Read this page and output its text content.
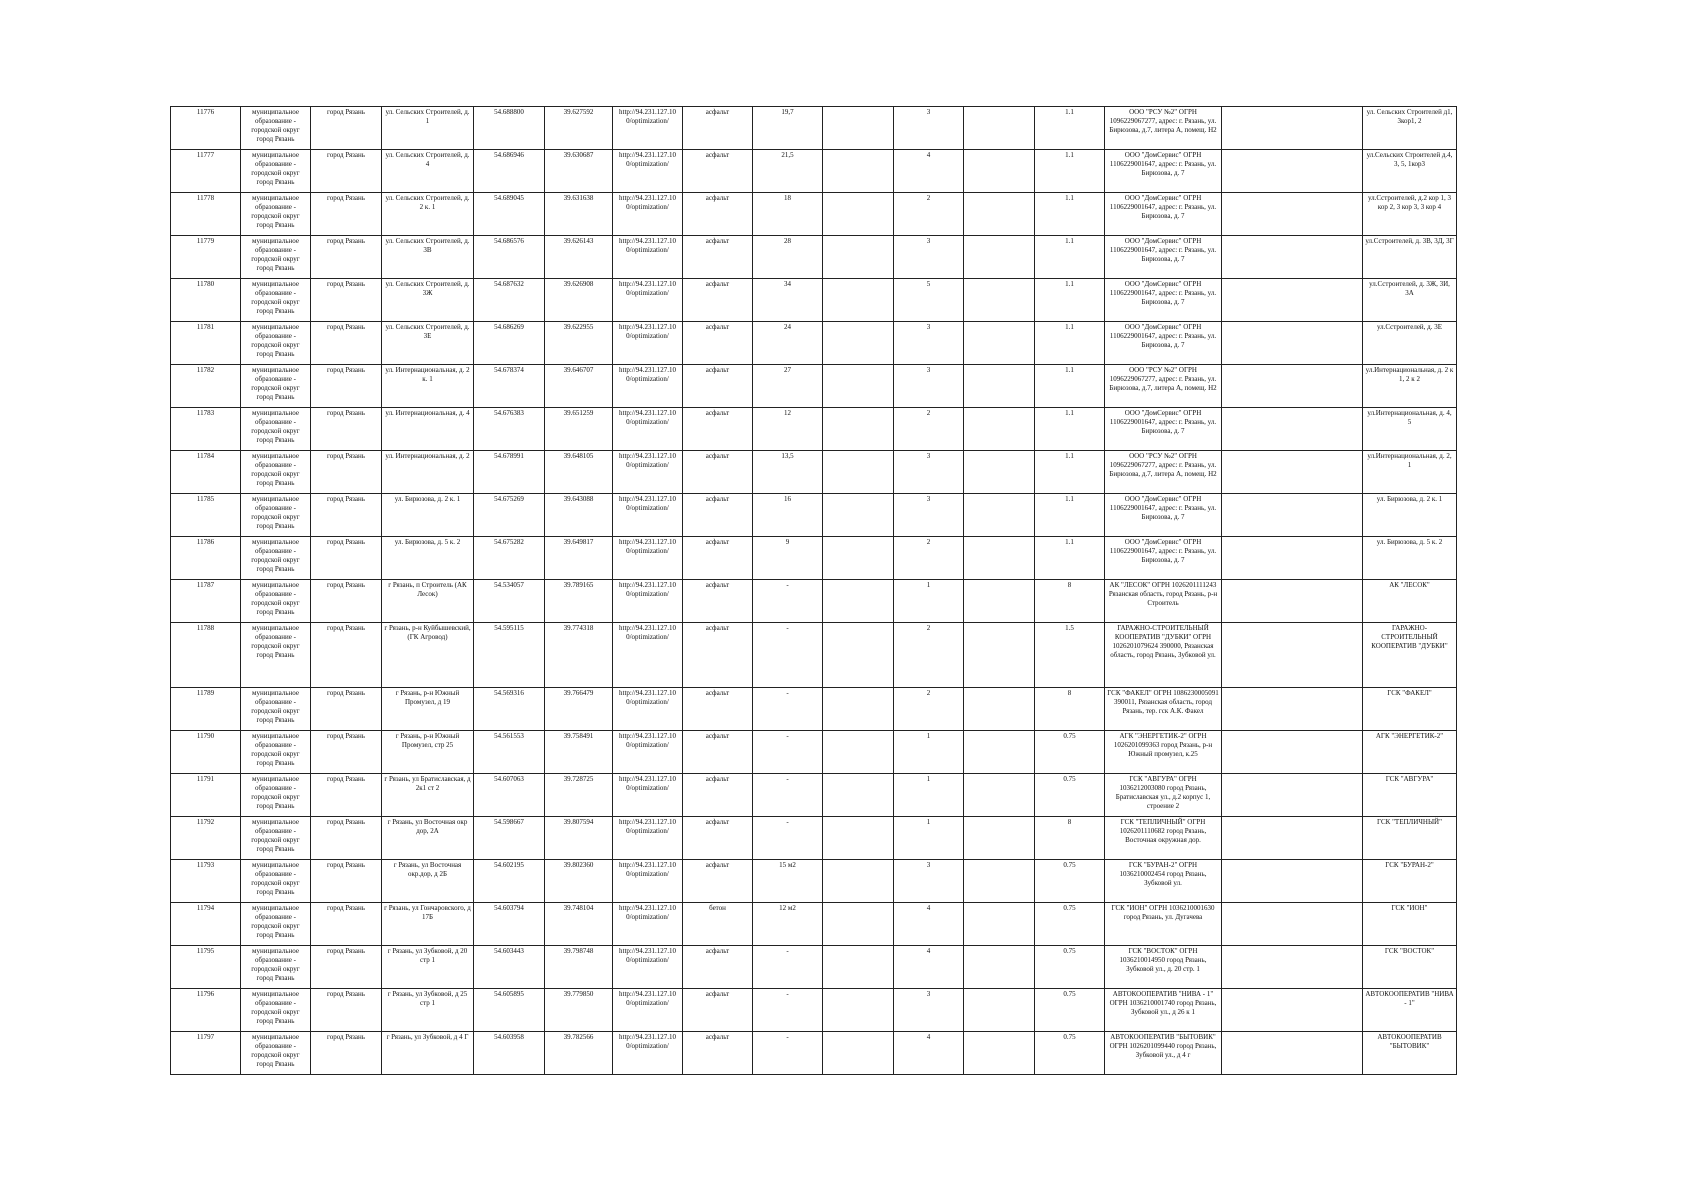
11776	муниципальное образование - городской округ город Рязань	город Рязань	ул. Сельских Строителей, д. 1	54.688800	39.627592	http://94.231.127.10 0/optimization/	асфальт	19,7		3		1.1	ООО "РСУ №2" ОГРН 1096229067277, адрес: г. Рязань, ул. Бирюзова, д.7, литера А, помещ. Н2		ул. Сельских Строителей д1, 3кор1, 2
11777	муниципальное образование - городской округ город Рязань	город Рязань	ул. Сельских Строителей, д. 4	54.686946	39.630687	http://94.231.127.10 0/optimization/	асфальт	21,5		4		1.1	ООО "ДомСервис" ОГРН 1106229001647, адрес: г. Рязань, ул. Бирюзова, д. 7		ул.Сельских Строителей д.4, 3, 5, 1кор3
11778	муниципальное образование - городской округ город Рязань	город Рязань	ул. Сельских Строителей, д. 2 к. 1	54.689045	39.631638	http://94.231.127.10 0/optimization/	асфальт	18		2		1.1	ООО "ДомСервис" ОГРН 1106229001647, адрес: г. Рязань, ул. Бирюзова, д. 7		ул.Сстроителей, д.2 кор 1, 3 кор 2, 3 кор 3, 3 кор 4
11779	муниципальное образование - городской округ город Рязань	город Рязань	ул. Сельских Строителей, д. 3В	54.686576	39.626143	http://94.231.127.10 0/optimization/	асфальт	28		3		1.1	ООО "ДомСервис" ОГРН 1106229001647, адрес: г. Рязань, ул. Бирюзова, д. 7		ул.Сстроителей, д. 3В, 3Д, 3Г
11780	муниципальное образование - городской округ город Рязань	город Рязань	ул. Сельских Строителей, д. 3Ж	54.687632	39.626908	http://94.231.127.10 0/optimization/	асфальт	34		5		1.1	ООО "ДомСервис" ОГРН 1106229001647, адрес: г. Рязань, ул. Бирюзова, д. 7		ул.Сстроителей, д. 3Ж, 3И, 3А
11781	муниципальное образование - городской округ город Рязань	город Рязань	ул. Сельских Строителей, д. 3Е	54.686269	39.622955	http://94.231.127.10 0/optimization/	асфальт	24		3		1.1	ООО "ДомСервис" ОГРН 1106229001647, адрес: г. Рязань, ул. Бирюзова, д. 7		ул.Сстроителей, д. 3Е
11782	муниципальное образование - городской округ город Рязань	город Рязань	ул. Интернациональная, д. 2 к. 1	54.678374	39.646707	http://94.231.127.10 0/optimization/	асфальт	27		3		1.1	ООО "РСУ №2" ОГРН 1096229067277, адрес: г. Рязань, ул. Бирюзова, д.7, литера А, помещ. Н2		ул.Интернациональная, д. 2 к 1, 2 к 2
11783	муниципальное образование - городской округ город Рязань	город Рязань	ул. Интернациональная, д. 4	54.676383	39.651259	http://94.231.127.10 0/optimization/	асфальт	12		2		1.1	ООО "ДомСервис" ОГРН 1106229001647, адрес: г. Рязань, ул. Бирюзова, д. 7		ул.Интернациональная, д. 4, 5
11784	муниципальное образование - городской округ город Рязань	город Рязань	ул. Интернациональная, д. 2	54.678991	39.648105	http://94.231.127.10 0/optimization/	асфальт	13,5		3		1.1	ООО "РСУ №2" ОГРН 1096229067277, адрес: г. Рязань, ул. Бирюзова, д.7, литера А, помещ. Н2		ул.Интернациональная, д. 2, 1
11785	муниципальное образование - городской округ город Рязань	город Рязань	ул. Бирюзова, д. 2 к. 1	54.675269	39.643088	http://94.231.127.10 0/optimization/	асфальт	16		3		1.1	ООО "ДомСервис" ОГРН 1106229001647, адрес: г. Рязань, ул. Бирюзова, д. 7		ул. Бирюзова, д. 2 к. 1
11786	муниципальное образование - городской округ город Рязань	город Рязань	ул. Бирюзова, д. 5 к. 2	54.675282	39.649817	http://94.231.127.10 0/optimization/	асфальт	9		2		1.1	ООО "ДомСервис" ОГРН 1106229001647, адрес: г. Рязань, ул. Бирюзова, д. 7		ул. Бирюзова, д. 5 к. 2
11787	муниципальное образование - городской округ город Рязань	город Рязань	г Рязань, п Строитель (АК Лесок)	54.534057	39.789165	http://94.231.127.10 0/optimization/	асфальт	-		1		8	АК "ЛЕСОК" ОГРН 1026201111243 Рязанская область, город Рязань, р-н Строитель		АК "ЛЕСОК"
11788	муниципальное образование - городской округ город Рязань	город Рязань	г Рязань, р-н Куйбышевский, (ГК Агровод)	54.595115	39.774318	http://94.231.127.10 0/optimization/	асфальт	-		2		1.5	ГАРАЖНО-СТРОИТЕЛЬНЫЙ КООПЕРАТИВ "ДУБКИ" ОГРН 1026201079624 390000, Рязанская область, город Рязань, Зубковой ул.		ГАРАЖНО-СТРОИТЕЛЬНЫЙ КООПЕРАТИВ "ДУБКИ"
11789	муниципальное образование - городской округ город Рязань	город Рязань	г Рязань, р-н Южный Промузел, д 19	54.569316	39.766479	http://94.231.127.10 0/optimization/	асфальт	-		2		8	ГСК "ФАКЕЛ" ОГРН 1086230005091 390011, Рязанская область, город Рязань, тер. гск А.К. Факел		ГСК "ФАКЕЛ"
11790	муниципальное образование - городской округ город Рязань	город Рязань	г Рязань, р-н Южный Промузел, стр 25	54.561553	39.758491	http://94.231.127.10 0/optimization/	асфальт	-		1		0.75	АГК "ЭНЕРГЕТИК-2" ОГРН 1026201099363 город Рязань, р-н Южный промузел, к.25		АГК "ЭНЕРГЕТИК-2"
11791	муниципальное образование - городской округ город Рязань	город Рязань	г Рязань, ул Братиславская, д 2к1 ст 2	54.607063	39.728725	http://94.231.127.10 0/optimization/	асфальт	-		1		0.75	ГСК "АВГУРА" ОГРН 1036212003080 город Рязань, Братиславская ул., д.2 корпус 1, строение 2		ГСК "АВГУРА"
11792	муниципальное образование - городской округ город Рязань	город Рязань	г Рязань, ул Восточная окр дор, 2А	54.598667	39.807594	http://94.231.127.10 0/optimization/	асфальт	-		1		8	ГСК "ТЕПЛИЧНЫЙ" ОГРН 1026201110682 город Рязань, Восточная окружная дор.		ГСК "ТЕПЛИЧНЫЙ"
11793	муниципальное образование - городской округ город Рязань	город Рязань	г Рязань, ул Восточная окр.дор, д 2Б	54.602195	39.802360	http://94.231.127.10 0/optimization/	асфальт	15 м2		3		0.75	ГСК "БУРАН-2" ОГРН 1036210002454 город Рязань, Зубковой ул.		ГСК "БУРАН-2"
11794	муниципальное образование - городской округ город Рязань	город Рязань	г Рязань, ул Гончаровского, д 17Б	54.603794	39.748104	http://94.231.127.10 0/optimization/	бетон	12 м2		4		0.75	ГСК "ИОН" ОГРН 1036210001630 город Рязань, ул. Дугачева		ГСК "ИОН"
11795	муниципальное образование - городской округ город Рязань	город Рязань	г Рязань, ул Зубковой, д 20 стр 1	54.603443	39.798748	http://94.231.127.10 0/optimization/	асфальт	-		4		0.75	ГСК "ВОСТОК" ОГРН 1036210014950 город Рязань, Зубковой ул., д. 20 стр. 1		ГСК "ВОСТОК"
11796	муниципальное образование - городской округ город Рязань	город Рязань	г Рязань, ул Зубковой, д 25 стр 1	54.605895	39.779850	http://94.231.127.10 0/optimization/	асфальт	-		3		0.75	АВТОКООПЕРАТИВ "НИВА - 1" ОГРН 1036210001740 город Рязань, Зубковой ул., д 26 к 1		АВТОКООПЕРАТИВ "НИВА - 1"
11797	муниципальное образование - городской округ город Рязань	город Рязань	г Рязань, ул Зубковой, д 4 Г	54.603958	39.782566	http://94.231.127.10 0/optimization/	асфальт	-		4		0.75	АВТОКООПЕРАТИВ "БЫТОВИК" ОГРН 1026201099440 город Рязань, Зубковой ул., д 4 г		АВТОКООПЕРАТИВ "БЫТОВИК"
